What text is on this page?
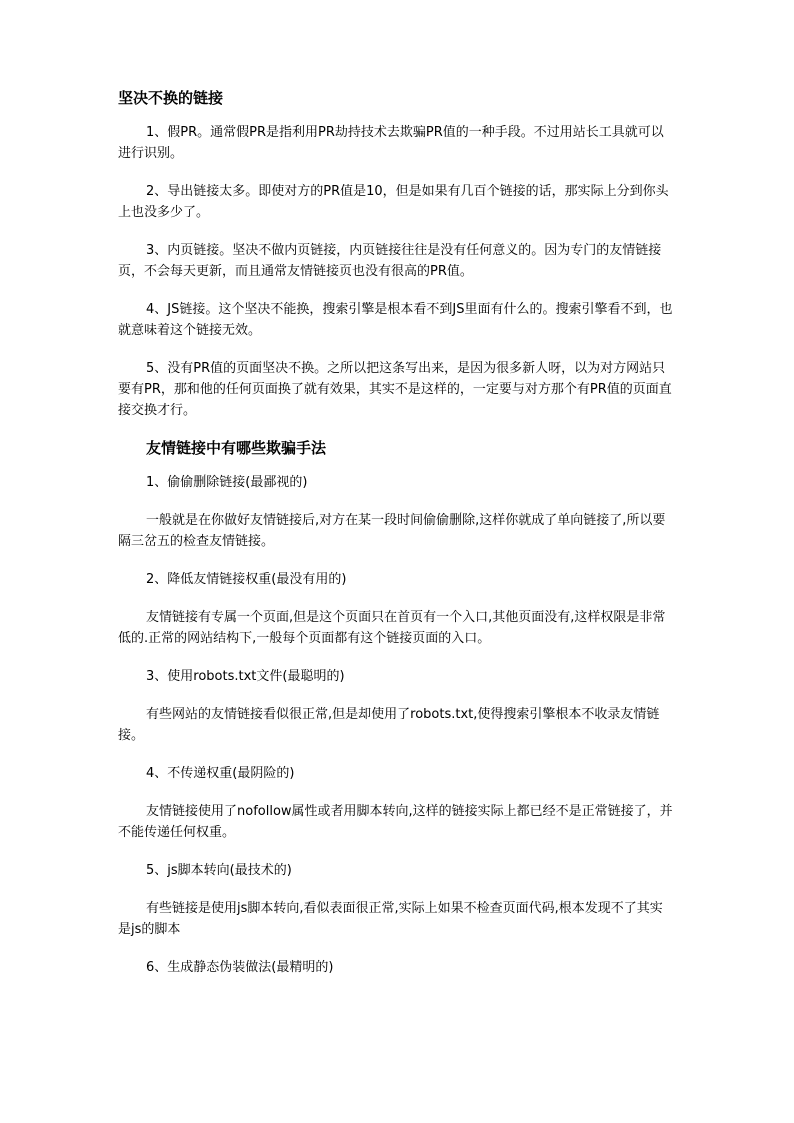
坚决不换的链接

1、假PR。通常假PR是指利用PR劫持技术去欺骗PR值的一种手段。不过用站长工具就可以进行识别。

2、导出链接太多。即使对方的PR值是10，但是如果有几百个链接的话，那实际上分到你头上也没多少了。

3、内页链接。坚决不做内页链接，内页链接往往是没有任何意义的。因为专门的友情链接页，不会每天更新，而且通常友情链接页也没有很高的PR值。

4、JS链接。这个坚决不能换，搜索引擎是根本看不到JS里面有什么的。搜索引擎看不到，也就意味着这个链接无效。

5、没有PR值的页面坚决不换。之所以把这条写出来，是因为很多新人呀，以为对方网站只要有PR，那和他的任何页面换了就有效果，其实不是这样的，一定要与对方那个有PR值的页面直接交换才行。

友情链接中有哪些欺骗手法

1、偷偷删除链接(最鄙视的)

一般就是在你做好友情链接后,对方在某一段时间偷偷删除,这样你就成了单向链接了,所以要隔三岔五的检查友情链接。

2、降低友情链接权重(最没有用的)

友情链接有专属一个页面,但是这个页面只在首页有一个入口,其他页面没有,这样权限是非常低的.正常的网站结构下,一般每个页面都有这个链接页面的入口。

3、使用robots.txt文件(最聪明的)

有些网站的友情链接看似很正常,但是却使用了robots.txt,使得搜索引擎根本不收录友情链接。

4、不传递权重(最阴险的)

友情链接使用了nofollow属性或者用脚本转向,这样的链接实际上都已经不是正常链接了，并不能传递任何权重。

5、js脚本转向(最技术的)

有些链接是使用js脚本转向,看似表面很正常,实际上如果不检查页面代码,根本发现不了其实是js的脚本

6、生成静态伪装做法(最精明的)
